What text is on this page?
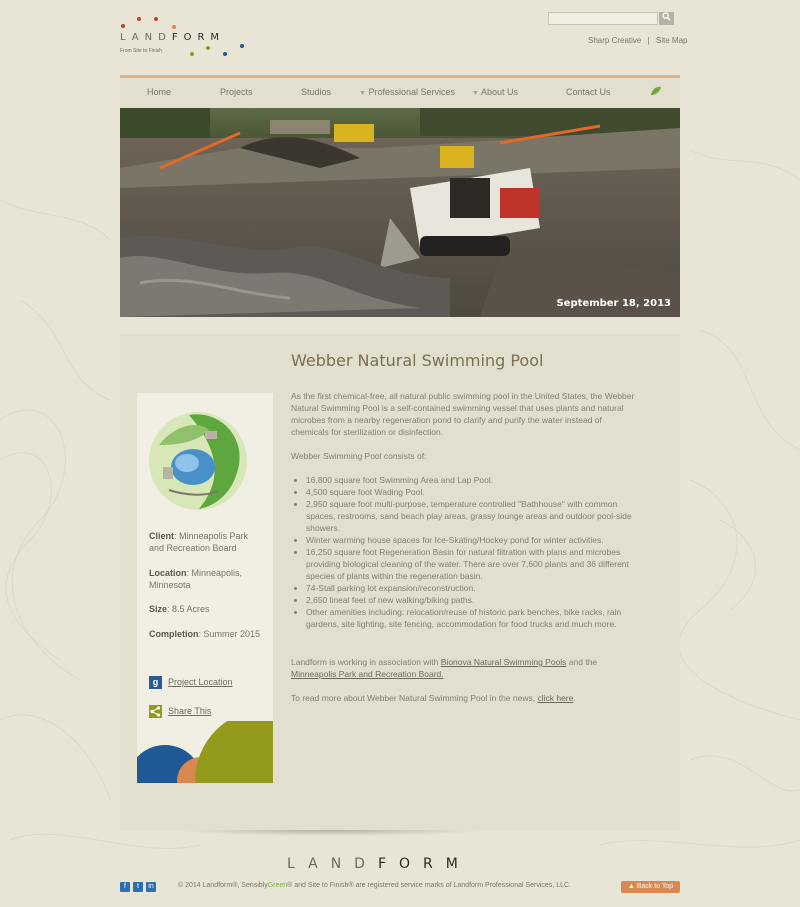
LANDFORM
From Site to Finish
Sharp Creative | Site Map
Home	Projects	Studios	▼ Professional Services ▼ About Us	Contact Us
September 18, 2013
Webber Natural Swimming Pool
Client: Minneapolis Park and Recreation Board
Location: Minneapolis, Minnesota
Size: 8.5 Acres
Completion: Summer 2015
g	Project Location
Share This
As the first chemical-free, all natural public swimming pool in the United States, the Webber Natural Swimming Pool is a self-contained swimming vessel that uses plants and natural microbes from a nearby regeneration pond to clarify and purify the water instead of chemicals for sterilization or disinfection.
Webber Swimming Pool consists of:
• 16,800 square foot Swimming Area and Lap Pool.
• 4,500 square foot Wading Pool.
• 2,950 square foot multi-purpose, temperature controlled "Bathhouse" with common spaces, restrooms, sand beach play areas, grassy lounge areas and outdoor pool-side showers.
• Winter warming house spaces for Ice-Skating/Hockey pond for winter activities.
• 16,250 square foot Regeneration Basin for natural filtration with plans and microbes providing biological cleaning of the water. There are over 7,600 plants and 36 different species of plants within the regeneration basin.
• 74-Stall parking lot expansion/reconstruction.
• 2,650 lineal feet of new walking/biking paths.
• Other amenities including: relocation/reuse of historic park benches, bike racks, rain gardens, site lighting, site fencing, accommodation for food trucks and much more.
Landform is working in association with Bionova Natural Swimming Pools and the Minneapolis Park and Recreation Board.
To read more about Webber Natural Swimming Pool in the news, click here.
LANDFORM
f	t	in	© 2014 Landform®, SensiblyGreen® and Site to Finish® are registered service marks of Landform Professional Services, LLC.	▲ Back to Top
